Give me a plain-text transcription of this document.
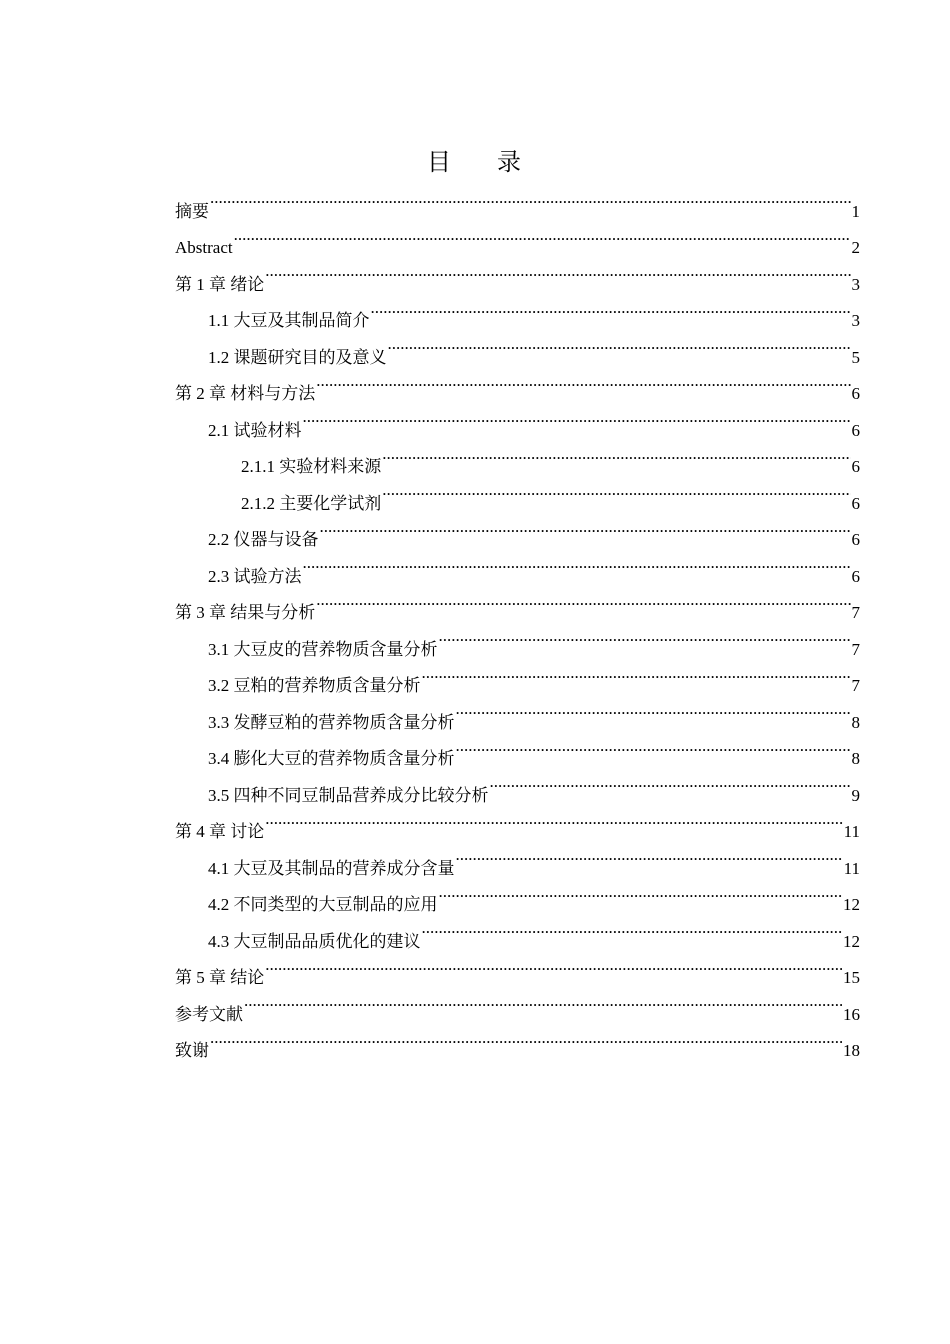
目 录
摘要 .....	1
Abstract .....	2
第 1 章 绪论 .....	3
1.1 大豆及其制品简介 .....	3
1.2 课题研究目的及意义 .....	5
第 2 章 材料与方法 .....	6
2.1 试验材料 .....	6
2.1.1 实验材料来源 .....	6
2.1.2 主要化学试剂 .....	6
2.2 仪器与设备 .....	6
2.3 试验方法 .....	6
第 3 章 结果与分析 .....	7
3.1 大豆皮的营养物质含量分析 .....	7
3.2 豆粕的营养物质含量分析 .....	7
3.3 发酵豆粕的营养物质含量分析 .....	8
3.4 膨化大豆的营养物质含量分析 .....	8
3.5 四种不同豆制品营养成分比较分析 .....	9
第 4 章 讨论 .....	11
4.1 大豆及其制品的营养成分含量 .....	11
4.2 不同类型的大豆制品的应用 .....	12
4.3 大豆制品品质优化的建议 .....	12
第 5 章 结论 .....	15
参考文献 .....	16
致谢 .....	18
